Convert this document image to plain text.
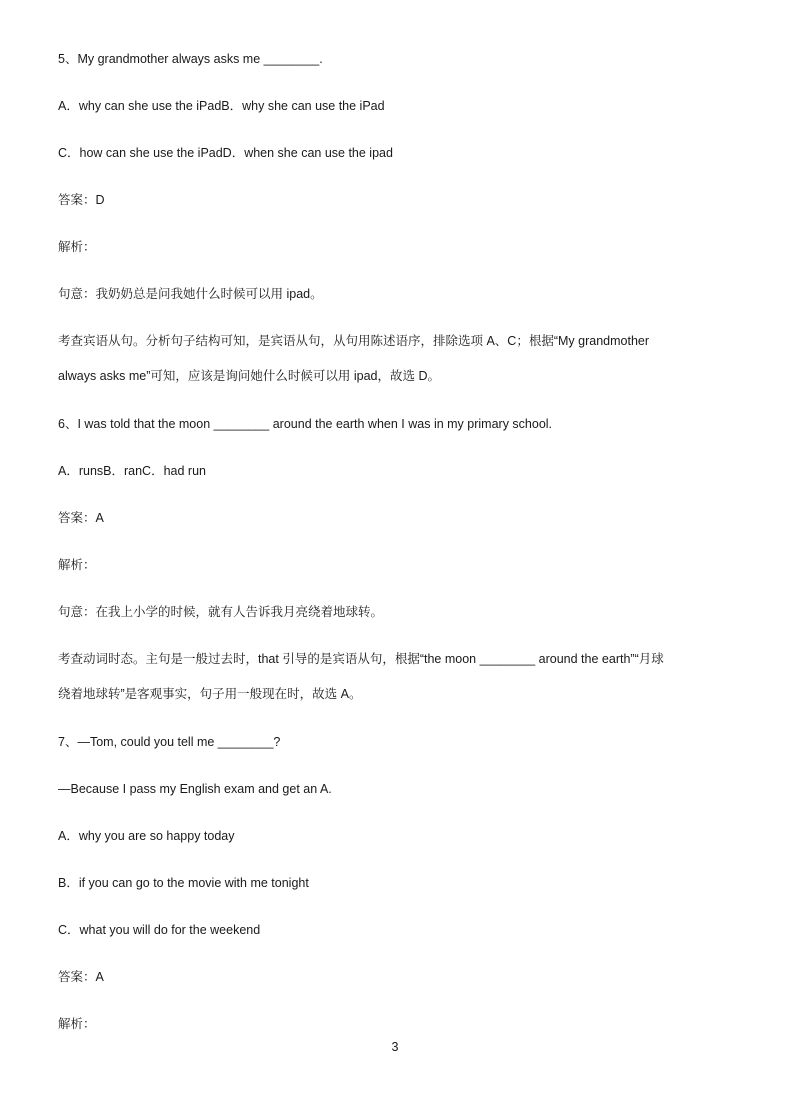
5、My grandmother always asks me ________.
A．why can she use the iPadB．why she can use the iPad
C．how can she use the iPadD．when she can use the ipad
答案：D
解析：
句意：我奶奶总是问我她什么时候可以用 ipad。
考查宾语从句。分析句子结构可知，是宾语从句，从句用陈述语序，排除选项 A、C；根据“My grandmother
always asks me”可知，应该是询问她什么时候可以用 ipad，故选 D。
6、I was told that the moon ________ around the earth when I was in my primary school.
A．runsB．ranC．had run
答案：A
解析：
句意：在我上小学的时候，就有人告诉我月亮绕着地球转。
考查动词时态。主句是一般过去时，that 引导的是宾语从句，根据“the moon ________ around the earth”“月球
绕着地球转”是客观事实，句子用一般现在时，故选 A。
7、—Tom, could you tell me ________?
—Because I pass my English exam and get an A.
A．why you are so happy today
B．if you can go to the movie with me tonight
C．what you will do for the weekend
答案：A
解析：
3
